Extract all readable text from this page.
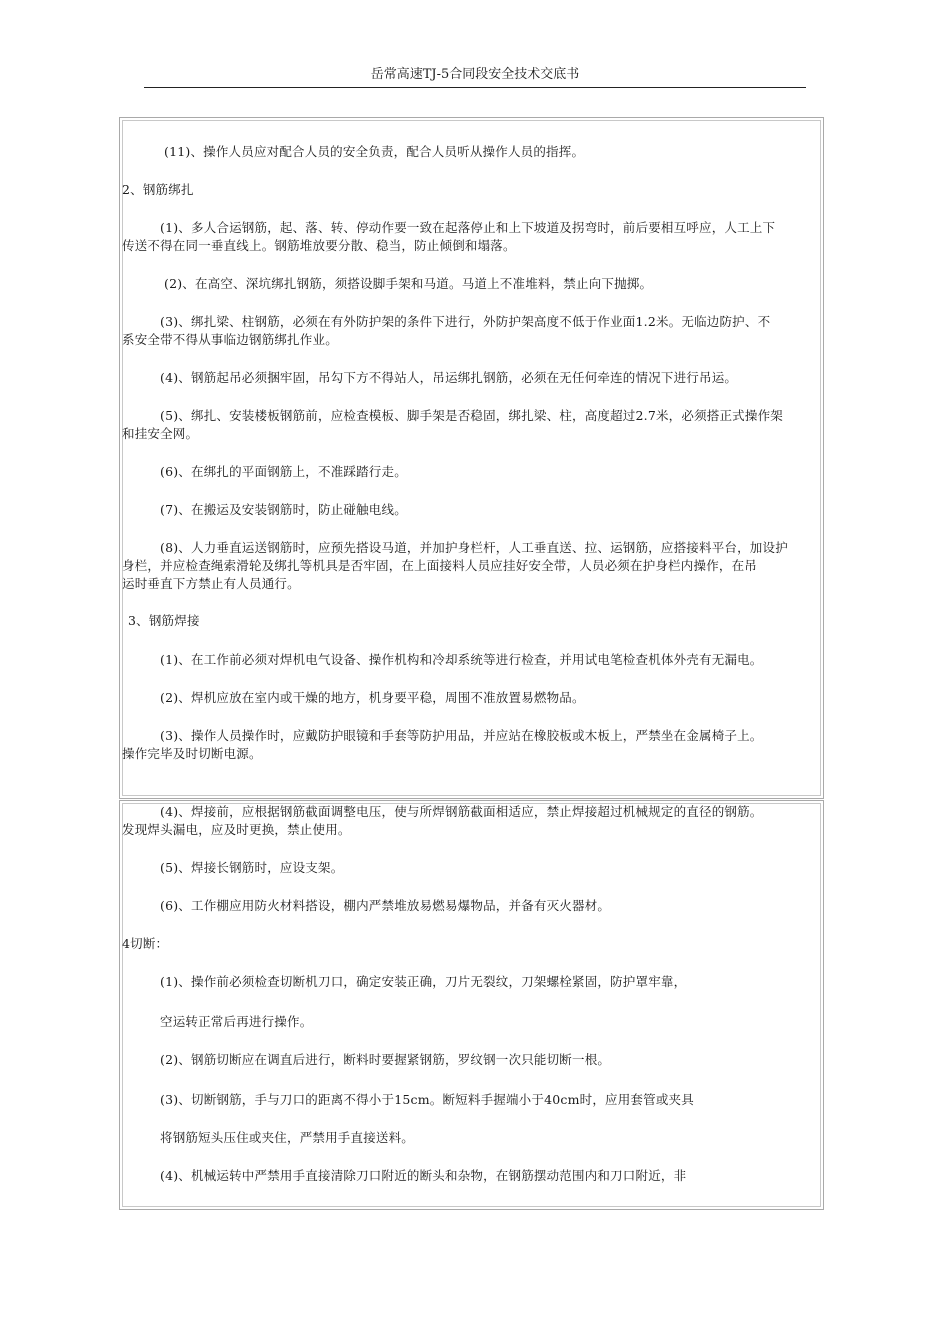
岳常高速TJ-5合同段安全技术交底书
(11)、操作人员应对配合人员的安全负责，配合人员听从操作人员的指挥。
2、钢筋绑扎
(1)、多人合运钢筋，起、落、转、停动作要一致在起落停止和上下坡道及拐弯时，前后要相互呼应，人工上下
传送不得在同一垂直线上。钢筋堆放要分散、稳当，防止倾倒和塌落。
(2)、在高空、深坑绑扎钢筋，须搭设脚手架和马道。马道上不准堆料，禁止向下抛掷。
(3)、绑扎梁、柱钢筋，必须在有外防护架的条件下进行，外防护架高度不低于作业面1.2米。无临边防护、不
系安全带不得从事临边钢筋绑扎作业。
(4)、钢筋起吊必须捆牢固，吊勾下方不得站人，吊运绑扎钢筋，必须在无任何牵连的情况下进行吊运。
(5)、绑扎、安装楼板钢筋前，应检查模板、脚手架是否稳固，绑扎梁、柱，高度超过2.7米，必须搭正式操作架
和挂安全网。
(6)、在绑扎的平面钢筋上，不准踩踏行走。
(7)、在搬运及安装钢筋时，防止碰触电线。
(8)、人力垂直运送钢筋时，应预先搭设马道，并加护身栏杆，人工垂直送、拉、运钢筋，应搭接料平台，加设护
身栏，并应检查绳索滑轮及绑扎等机具是否牢固，在上面接料人员应挂好安全带，人员必须在护身栏内操作，在吊
运时垂直下方禁止有人员通行。
3、钢筋焊接
(1)、在工作前必须对焊机电气设备、操作机构和冷却系统等进行检查，并用试电笔检查机体外壳有无漏电。
(2)、焊机应放在室内或干燥的地方，机身要平稳，周围不准放置易燃物品。
(3)、操作人员操作时，应戴防护眼镜和手套等防护用品，并应站在橡胶板或木板上，严禁坐在金属椅子上。
操作完毕及时切断电源。
(4)、焊接前，应根据钢筋截面调整电压，使与所焊钢筋截面相适应，禁止焊接超过机械规定的直径的钢筋。
发现焊头漏电，应及时更换，禁止使用。
(5)、焊接长钢筋时，应设支架。
(6)、工作棚应用防火材料搭设，棚内严禁堆放易燃易爆物品，并备有灭火器材。
4切断：
(1)、操作前必须检查切断机刀口，确定安装正确，刀片无裂纹，刀架螺栓紧固，防护罩牢靠，
空运转正常后再进行操作。
(2)、钢筋切断应在调直后进行，断料时要握紧钢筋，罗纹钢一次只能切断一根。
(3)、切断钢筋，手与刀口的距离不得小于15cm。断短料手握端小于40cm时，应用套管或夹具
将钢筋短头压住或夹住，严禁用手直接送料。
(4)、机械运转中严禁用手直接清除刀口附近的断头和杂物，在钢筋摆动范围内和刀口附近，非
